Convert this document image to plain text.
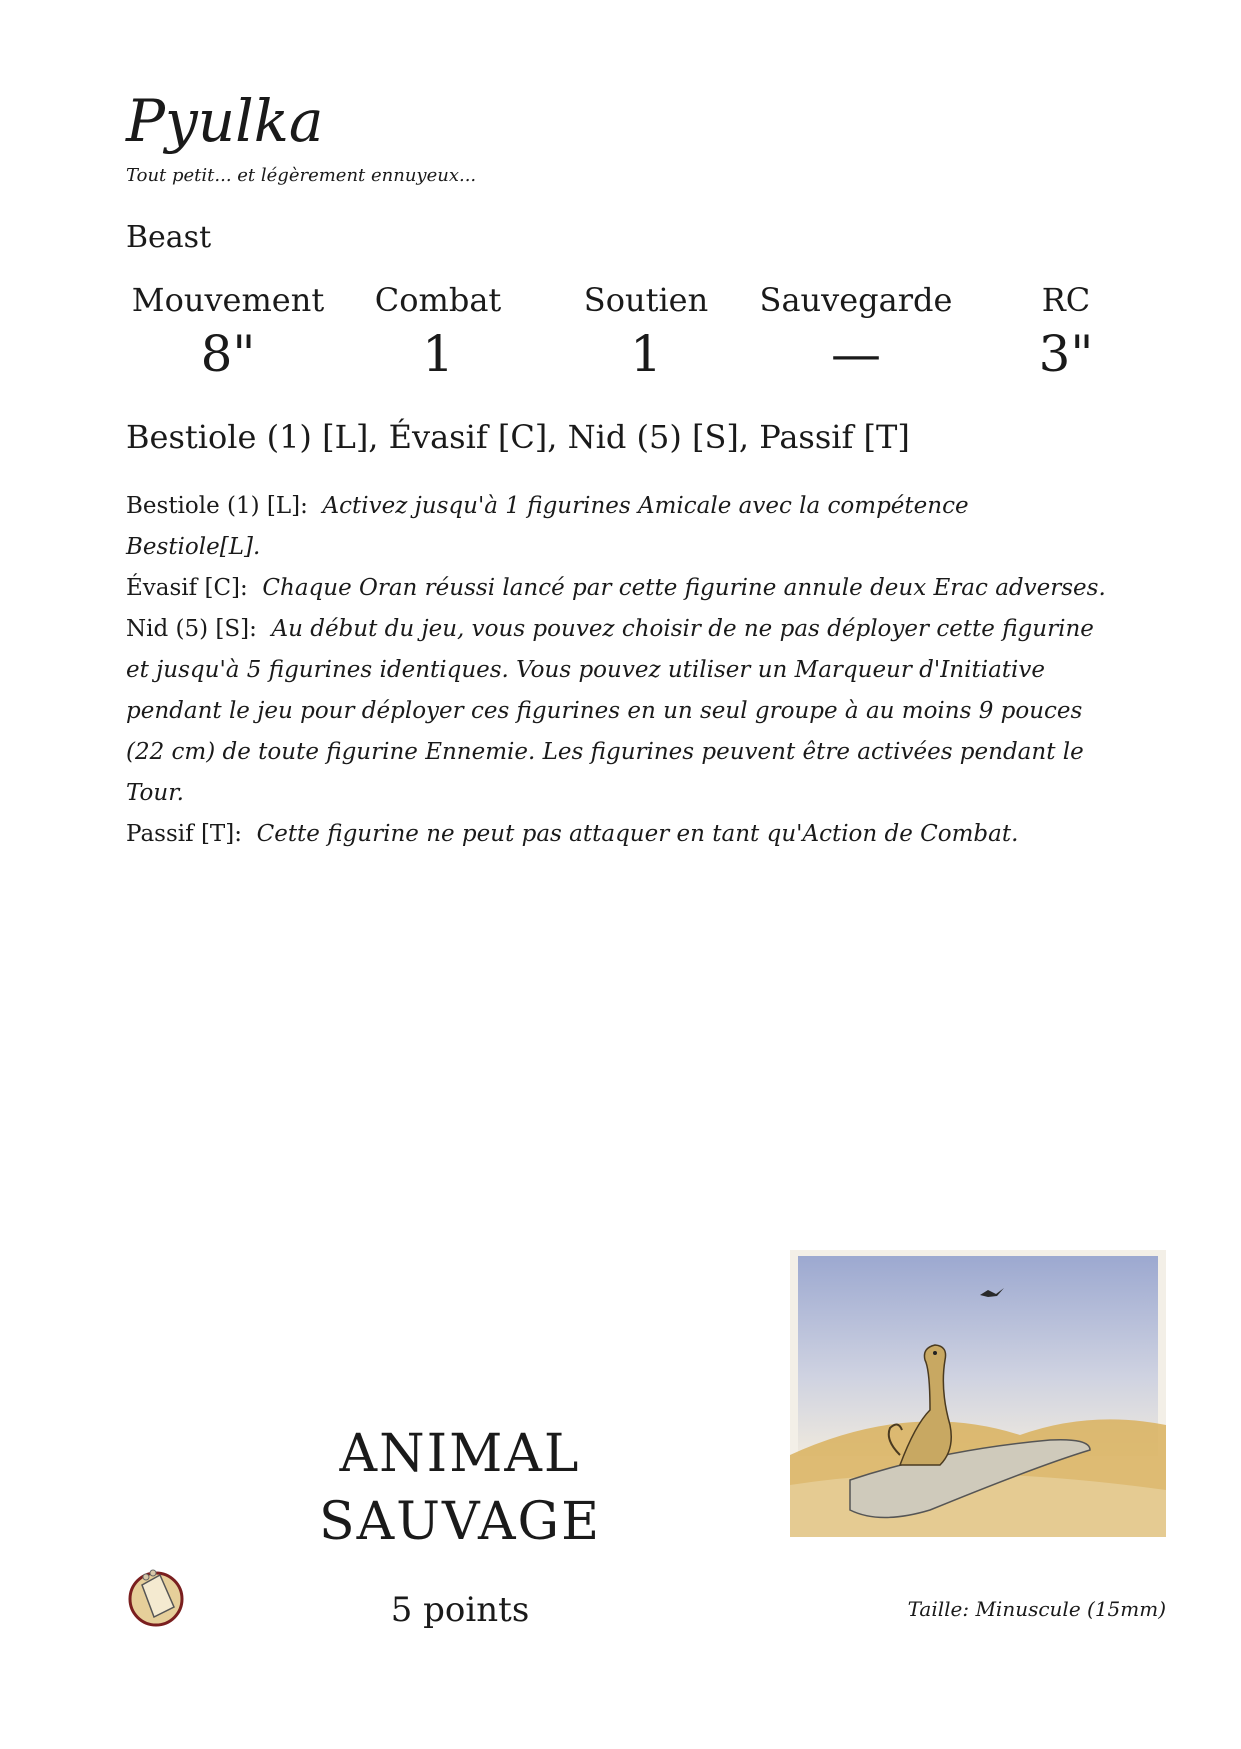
Pyulka
Tout petit... et légèrement ennuyeux...
Beast
Mouvement
8"
Combat
1
Soutien
1
Sauvegarde
—
RC
3"
Bestiole (1) [L], Évasif [C], Nid (5) [S], Passif [T]

Bestiole (1) [L]: Activez jusqu'à 1 figurines Amicale avec la compétence Bestiole[L].

Évasif [C]: Chaque Oran réussi lancé par cette figurine annule deux Erac adverses.

Nid (5) [S]: Au début du jeu, vous pouvez choisir de ne pas déployer cette figurine et jusqu'à 5 figurines identiques. Vous pouvez utiliser un Marqueur d'Initiative pendant le jeu pour déployer ces figurines en un seul groupe à au moins 9 pouces (22 cm) de toute figurine Ennemie. Les figurines peuvent être activées pendant le Tour.

Passif [T]: Cette figurine ne peut pas attaquer en tant qu'Action de Combat.

ANIMAL
SAUVAGE
5 points	Taille: Minuscule (15mm)
